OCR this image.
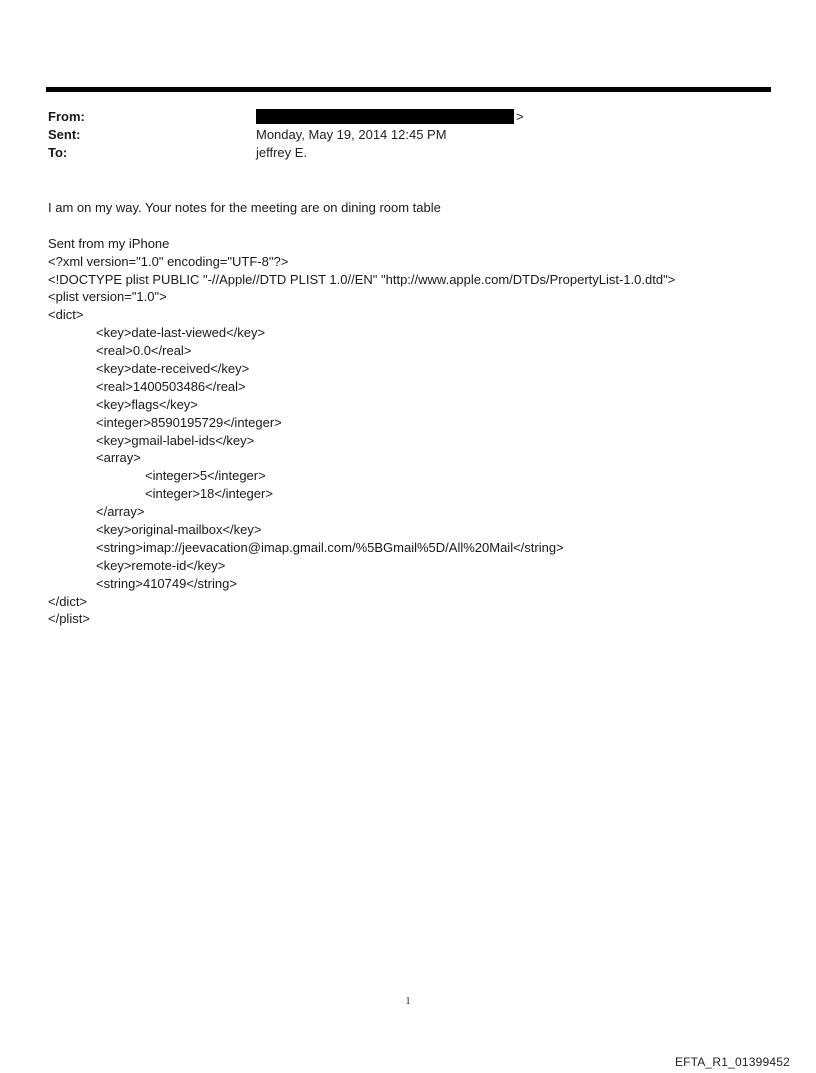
From:	>
Sent:	Monday, May 19, 2014 12:45 PM
To:	jeffrey E.
I am on my way. Your notes for the meeting are on dining room table
Sent from my iPhone
<?xml version="1.0" encoding="UTF-8"?>
<!DOCTYPE plist PUBLIC "-//Apple//DTD PLIST 1.0//EN" "http://www.apple.com/DTDs/PropertyList-1.0.dtd">
<plist version="1.0">
<dict>
<key>date-last-viewed</key>
<real>0.0</real>
<key>date-received</key>
<real>1400503486</real>
<key>flags</key>
<integer>8590195729</integer>
<key>gmail-label-ids</key>
<array>
<integer>5</integer>
<integer>18</integer>
</array>
<key>original-mailbox</key>
<string>imap://jeevacation@imap.gmail.com/%5BGmail%5D/All%20Mail</string>
<key>remote-id</key>
<string>410749</string>
</dict>
</plist>
1
EFTA_R1_01399452
